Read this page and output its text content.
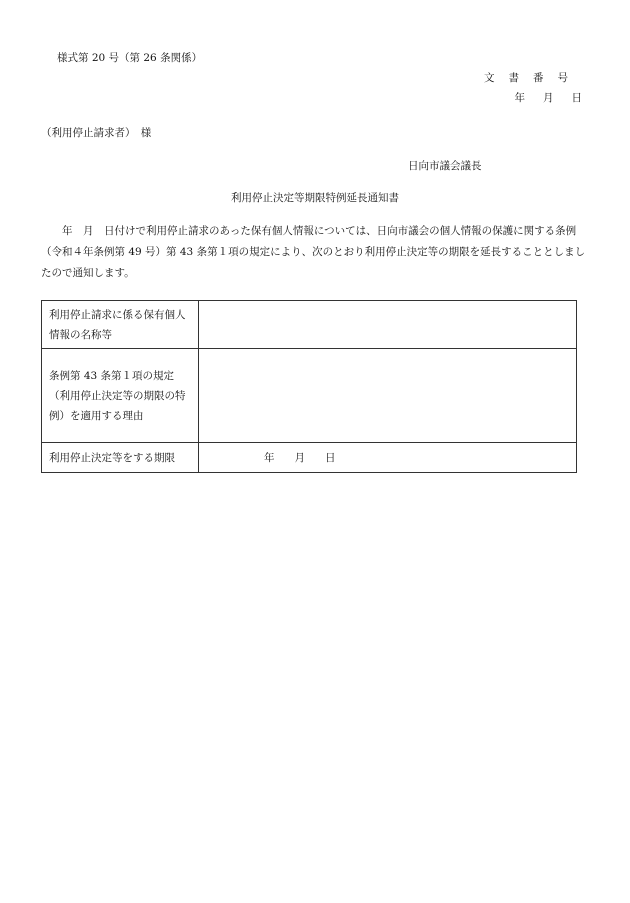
様式第 20 号（第 26 条関係）
文書番号
年 月 日
（利用停止請求者）　様
日向市議会議長
利用停止決定等期限特例延長通知書
年　月　日付けで利用停止請求のあった保有個人情報については、日向市議会の個人情報の保護に関する条例（令和４年条例第 49 号）第 43 条第１項の規定により、次のとおり利用停止決定等の期限を延長することとしましたので通知します。
利用停止請求に係る保有個人情報の名称等	
条例第 43 条第１項の規定（利用停止決定等の期限の特例）を適用する理由	
利用停止決定等をする期限	年 月 日
